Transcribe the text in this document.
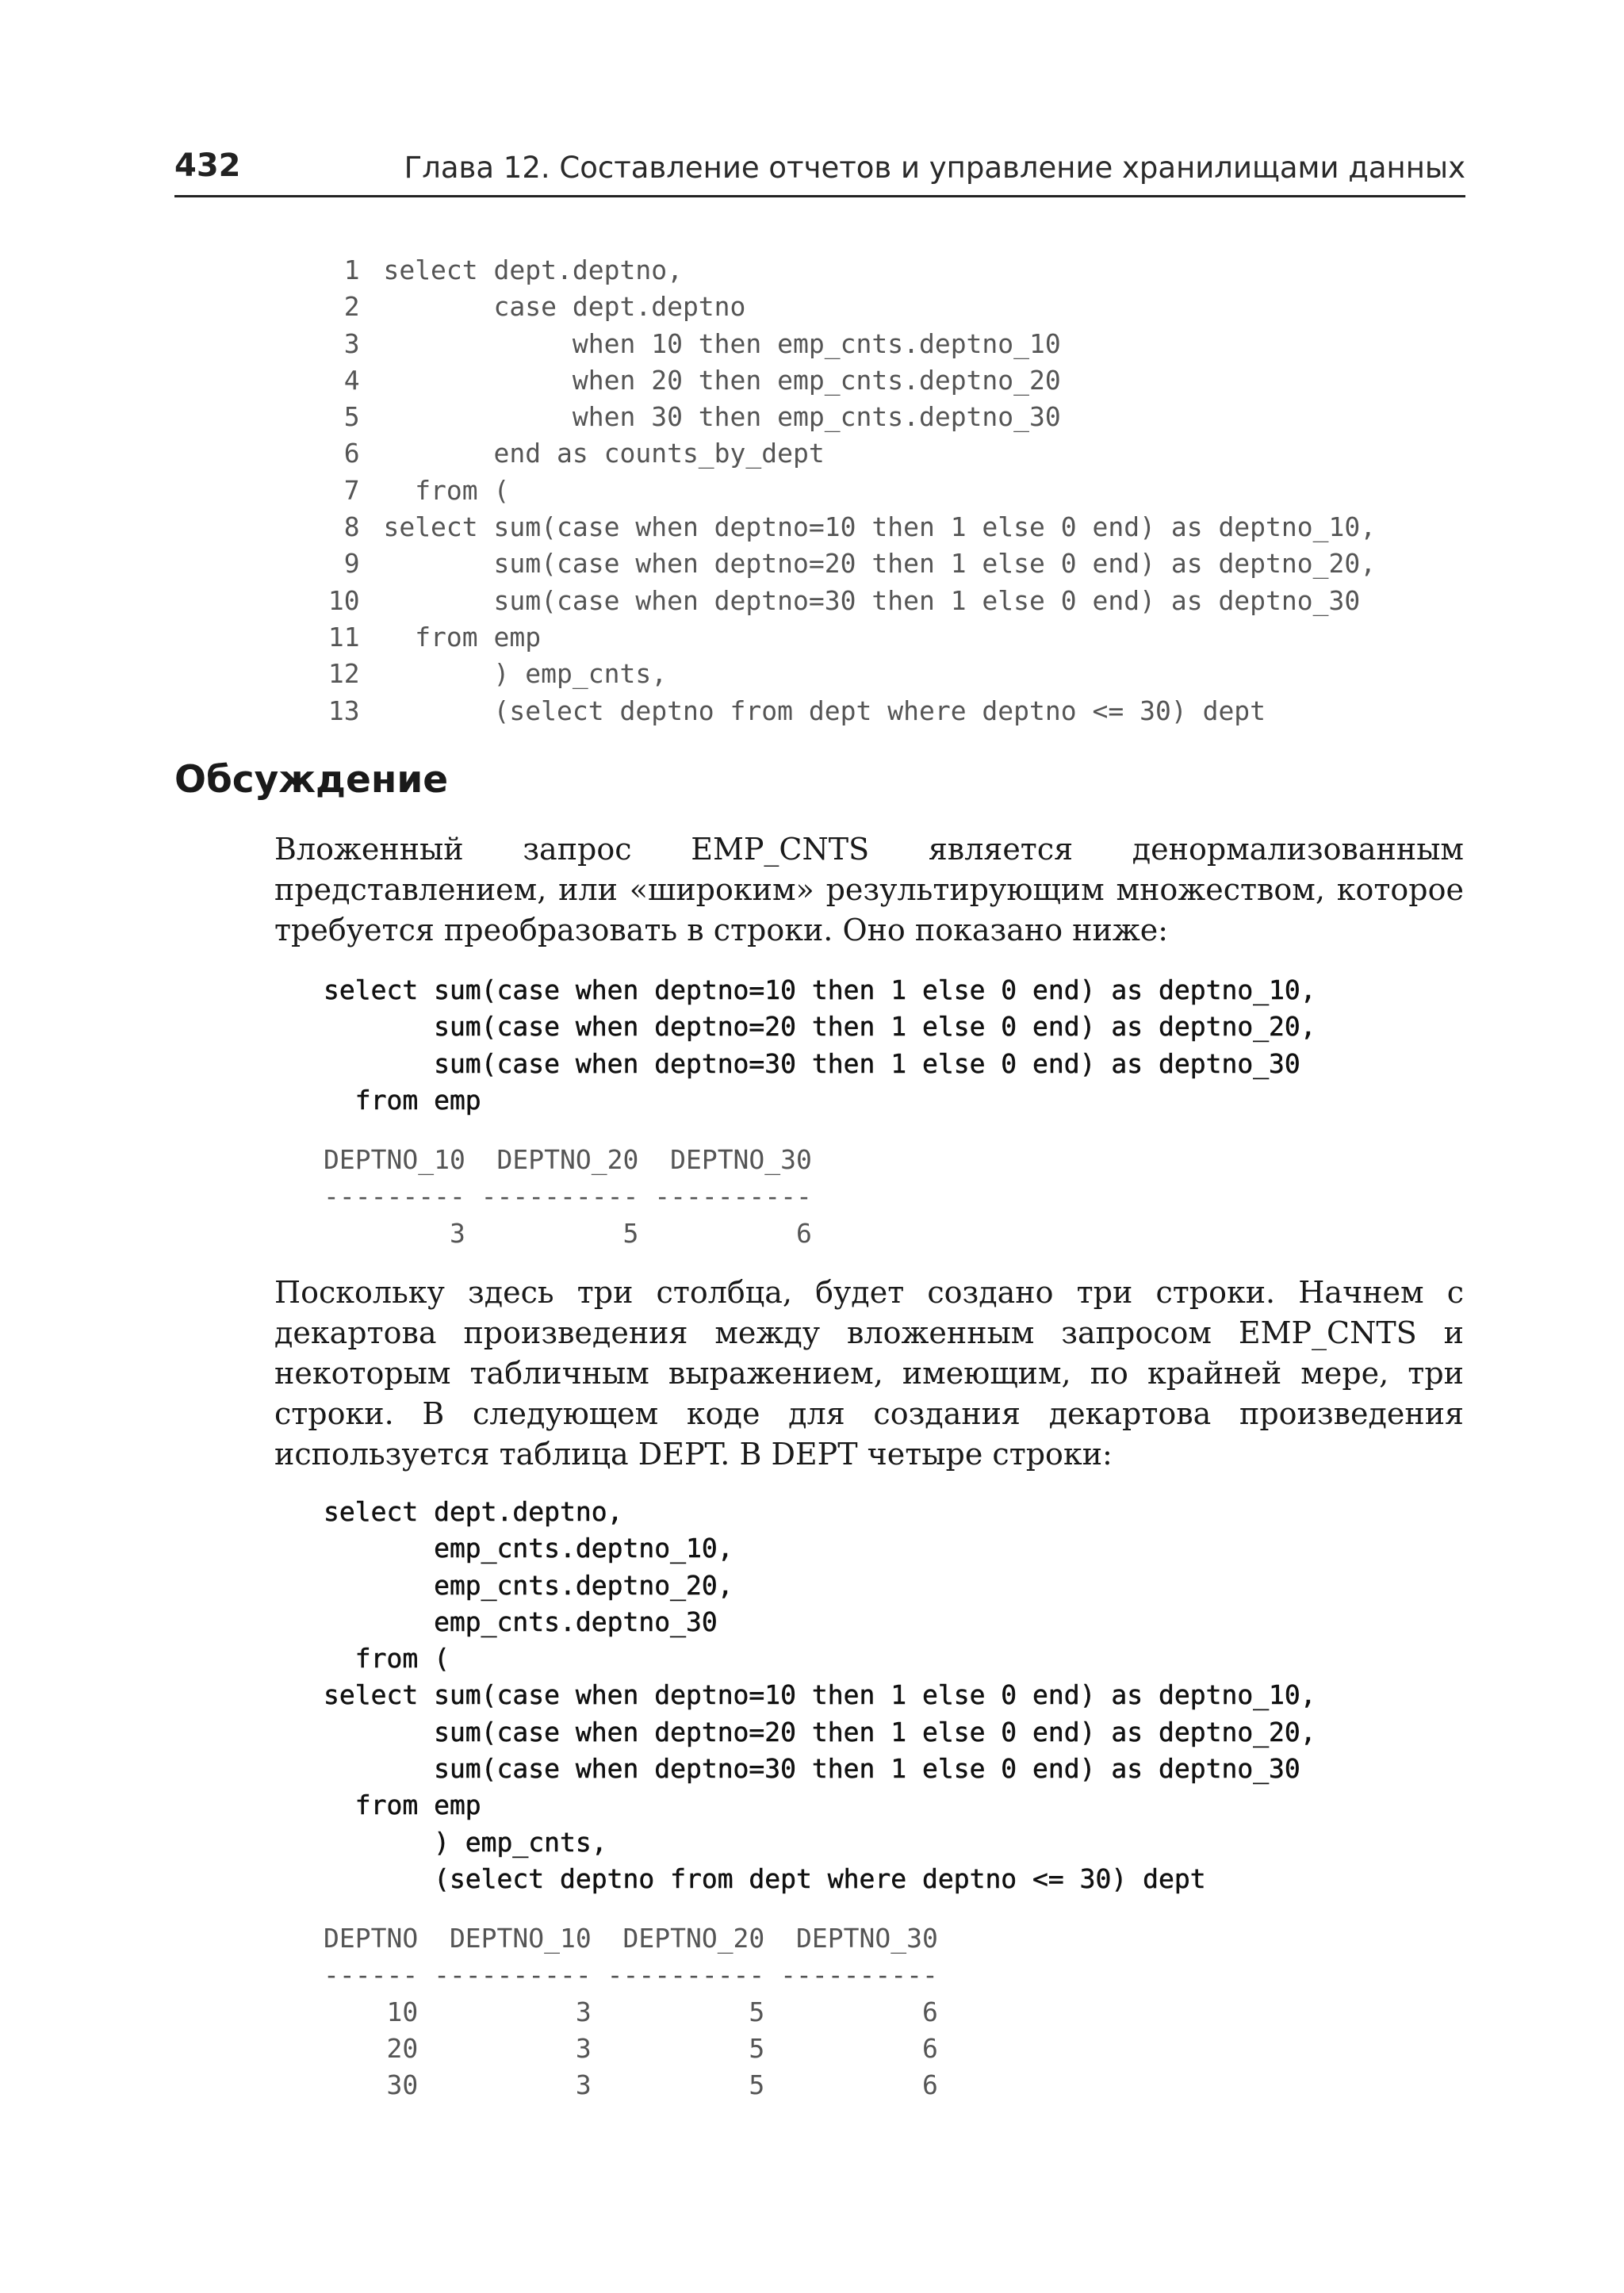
432	Глава 12. Составление отчетов и управление хранилищами данных
1 select dept.deptno,
2       case dept.deptno
3            when 10 then emp_cnts.deptno_10
4            when 20 then emp_cnts.deptno_20
5            when 30 then emp_cnts.deptno_30
6       end as counts_by_dept
7  from (
8 select sum(case when deptno=10 then 1 else 0 end) as deptno_10,
9       sum(case when deptno=20 then 1 else 0 end) as deptno_20,
10       sum(case when deptno=30 then 1 else 0 end) as deptno_30
11  from emp
12       ) emp_cnts,
13       (select deptno from dept where deptno <= 30) dept
Обсуждение

Вложенный запрос EMP_CNTS является денормализованным представлением, или «широким» результирующим множеством, которое требуется преобразовать в строки. Оно показано ниже:

select sum(case when deptno=10 then 1 else 0 end) as deptno_10,
sum(case when deptno=20 then 1 else 0 end) as deptno_20,
sum(case when deptno=30 then 1 else 0 end) as deptno_30
from emp
DEPTNO_10  DEPTNO_20  DEPTNO_30
--------- ---------- ----------
3          5          6

Поскольку здесь три столбца, будет создано три строки. Начнем с декартова произведения между вложенным запросом EMP_CNTS и некоторым табличным выражением, имеющим, по крайней мере, три строки. В следующем коде для создания декартова произведения используется таблица DEPT. В DEPT четыре строки:

select dept.deptno,
emp_cnts.deptno_10,
emp_cnts.deptno_20,
emp_cnts.deptno_30
from (
select sum(case when deptno=10 then 1 else 0 end) as deptno_10,
sum(case when deptno=20 then 1 else 0 end) as deptno_20,
sum(case when deptno=30 then 1 else 0 end) as deptno_30
from emp
) emp_cnts,
(select deptno from dept where deptno <= 30) dept
DEPTNO  DEPTNO_10  DEPTNO_20  DEPTNO_30
------ ---------- ---------- ----------
10          3          5          6
20          3          5          6
30          3          5          6
